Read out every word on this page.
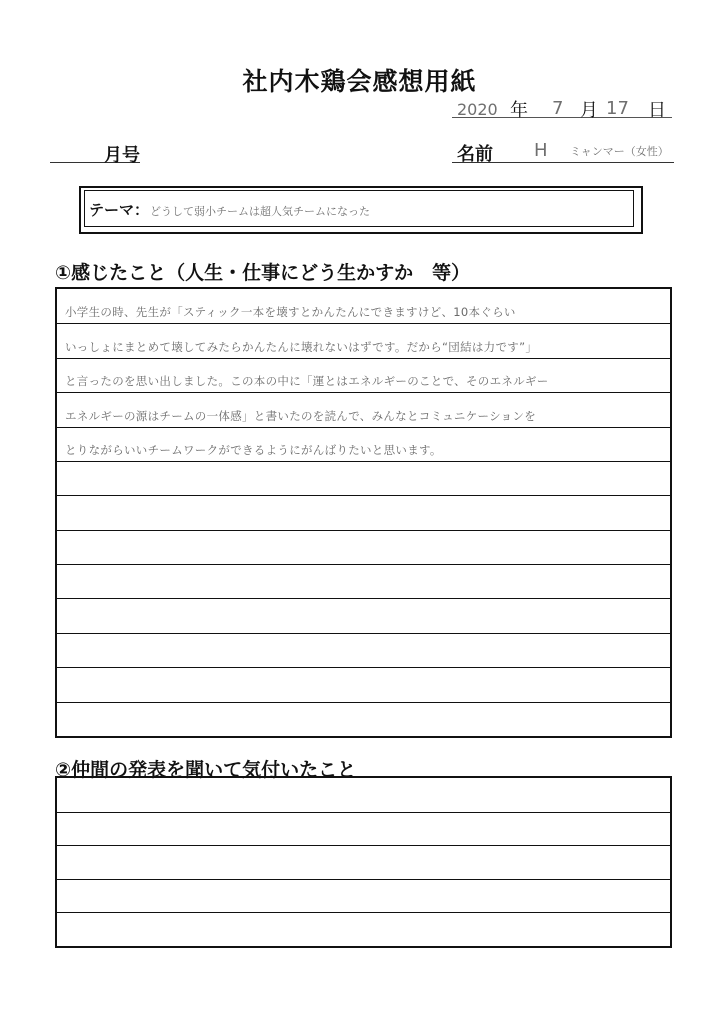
社内木鶏会感想用紙
2020 年 7 月 17 日
月号	名前 H ミャンマー（女性）
テーマ： どうして弱小チームは超人気チームになった
①感じたこと（人生・仕事にどう生かすか　等）
小学生の時、先生が「スティック一本を壊すとかんたんにできますけど、10本ぐらい
いっしょにまとめて壊してみたらかんたんに壊れないはずです。だから“団結は力です”」
と言ったのを思い出しました。この本の中に「運とはエネルギーのことで、そのエネルギー
エネルギーの源はチームの一体感」と書いたのを読んで、みんなとコミュニケーションを
とりながらいいチームワークができるようにがんばりたいと思います。
②仲間の発表を聞いて気付いたこと
